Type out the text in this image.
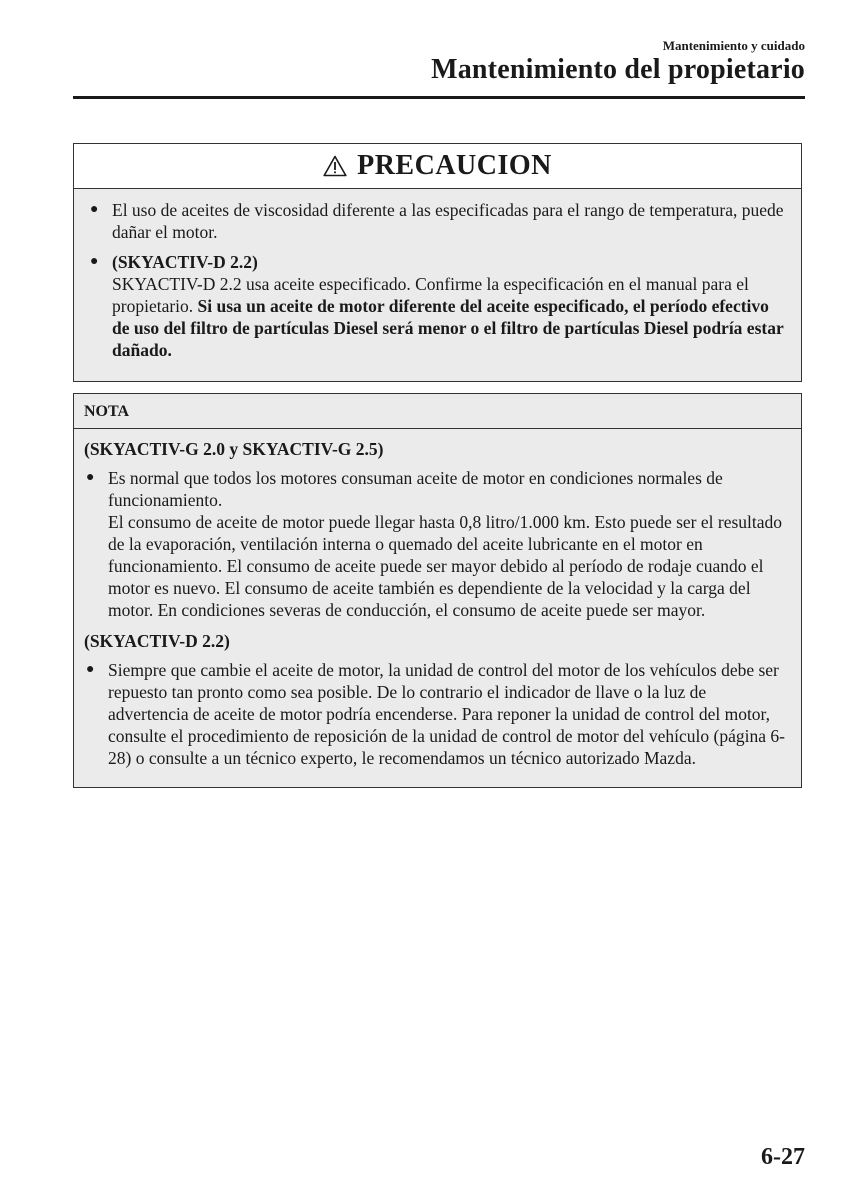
Mantenimiento y cuidado
Mantenimiento del propietario
PRECAUCION
● El uso de aceites de viscosidad diferente a las especificadas para el rango de temperatura, puede dañar el motor.
● (SKYACTIV-D 2.2)
SKYACTIV-D 2.2 usa aceite especificado. Confirme la especificación en el manual para el propietario. Si usa un aceite de motor diferente del aceite especificado, el período efectivo de uso del filtro de partículas Diesel será menor o el filtro de partículas Diesel podría estar dañado.
NOTA
(SKYACTIV-G 2.0 y SKYACTIV-G 2.5)
● Es normal que todos los motores consuman aceite de motor en condiciones normales de funcionamiento.
El consumo de aceite de motor puede llegar hasta 0,8 litro/1.000 km. Esto puede ser el resultado de la evaporación, ventilación interna o quemado del aceite lubricante en el motor en funcionamiento. El consumo de aceite puede ser mayor debido al período de rodaje cuando el motor es nuevo. El consumo de aceite también es dependiente de la velocidad y la carga del motor. En condiciones severas de conducción, el consumo de aceite puede ser mayor.
(SKYACTIV-D 2.2)
● Siempre que cambie el aceite de motor, la unidad de control del motor de los vehículos debe ser repuesto tan pronto como sea posible. De lo contrario el indicador de llave o la luz de advertencia de aceite de motor podría encenderse. Para reponer la unidad de control del motor, consulte el procedimiento de reposición de la unidad de control de motor del vehículo (página 6-28) o consulte a un técnico experto, le recomendamos un técnico autorizado Mazda.
6-27
